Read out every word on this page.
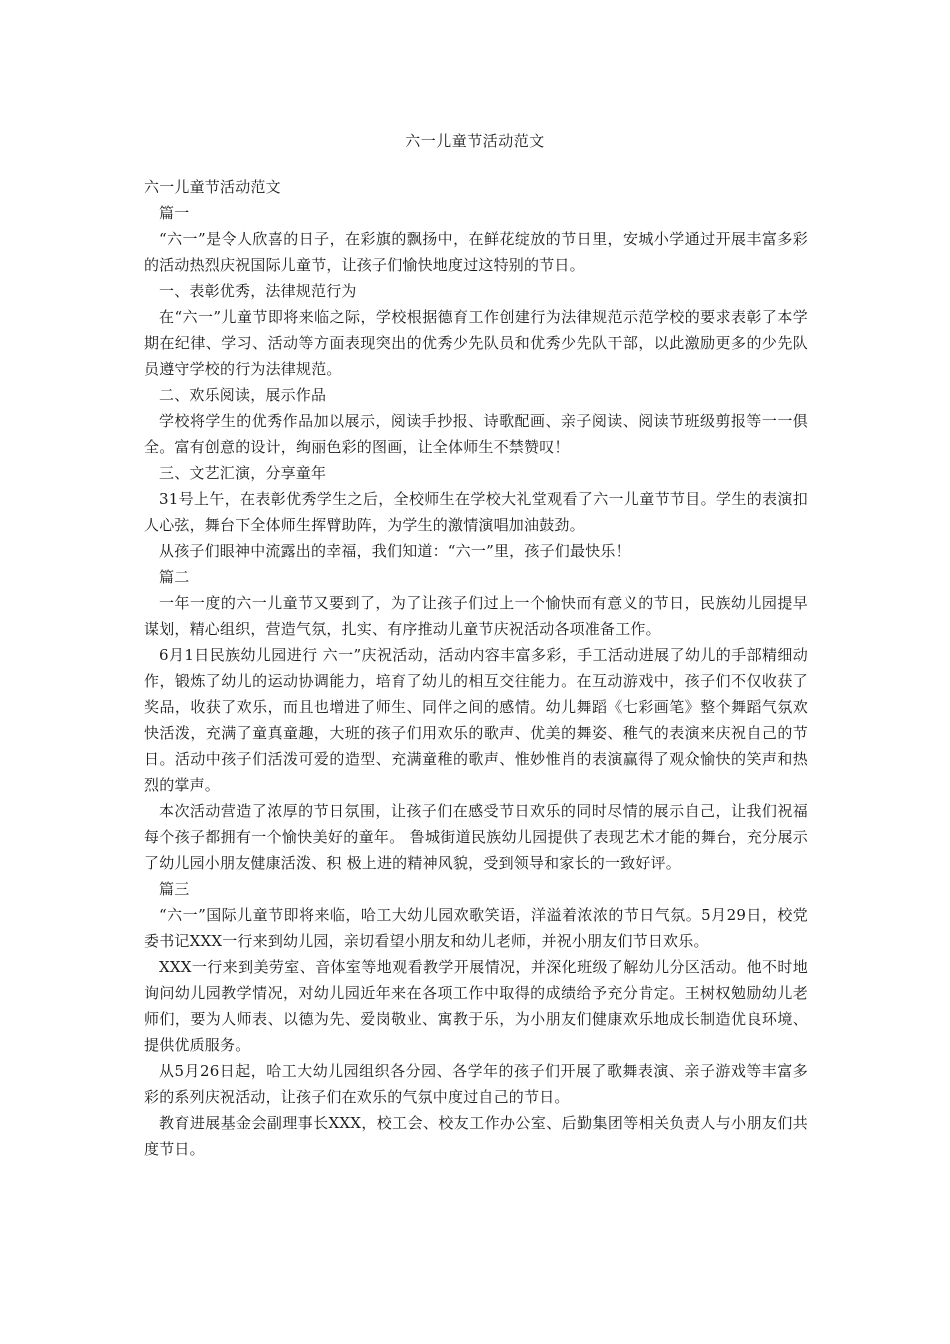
六一儿童节活动范文

六一儿童节活动范文

篇一

“六一”是令人欣喜的日子，在彩旗的飘扬中，在鲜花绽放的节日里，安城小学通过开展丰富多彩的活动热烈庆祝国际儿童节，让孩子们愉快地度过这特别的节日。

一、表彰优秀，法律规范行为

在“六一”儿童节即将来临之际，学校根据德育工作创建行为法律规范示范学校的要求表彰了本学期在纪律、学习、活动等方面表现突出的优秀少先队员和优秀少先队干部，以此激励更多的少先队员遵守学校的行为法律规范。

二、欢乐阅读，展示作品

学校将学生的优秀作品加以展示，阅读手抄报、诗歌配画、亲子阅读、阅读节班级剪报等一一俱全。富有创意的设计，绚丽色彩的图画，让全体师生不禁赞叹！

三、文艺汇演，分享童年

31号上午，在表彰优秀学生之后，全校师生在学校大礼堂观看了六一儿童节节目。学生的表演扣人心弦，舞台下全体师生挥臂助阵，为学生的激情演唱加油鼓劲。

从孩子们眼神中流露出的幸福，我们知道：“六一”里，孩子们最快乐！

篇二

一年一度的六一儿童节又要到了，为了让孩子们过上一个愉快而有意义的节日，民族幼儿园提早谋划，精心组织，营造气氛，扎实、有序推动儿童节庆祝活动各项准备工作。

6月1日民族幼儿园进行 六一”庆祝活动，活动内容丰富多彩，手工活动进展了幼儿的手部精细动作，锻炼了幼儿的运动协调能力，培育了幼儿的相互交往能力。在互动游戏中，孩子们不仅收获了奖品，收获了欢乐，而且也增进了师生、同伴之间的感情。幼儿舞蹈《七彩画笔》整个舞蹈气氛欢快活泼，充满了童真童趣，大班的孩子们用欢乐的歌声、优美的舞姿、稚气的表演来庆祝自己的节日。活动中孩子们活泼可爱的造型、充满童稚的歌声、惟妙惟肖的表演赢得了观众愉快的笑声和热烈的掌声。

本次活动营造了浓厚的节日氛围，让孩子们在感受节日欢乐的同时尽情的展示自己，让我们祝福每个孩子都拥有一个愉快美好的童年。 鲁城街道民族幼儿园提供了表现艺术才能的舞台，充分展示了幼儿园小朋友健康活泼、积 极上进的精神风貌，受到领导和家长的一致好评。

篇三

“六一”国际儿童节即将来临，哈工大幼儿园欢歌笑语，洋溢着浓浓的节日气氛。5月29日，校党委书记XXX一行来到幼儿园，亲切看望小朋友和幼儿老师，并祝小朋友们节日欢乐。

XXX一行来到美劳室、音体室等地观看教学开展情况，并深化班级了解幼儿分区活动。他不时地询问幼儿园教学情况，对幼儿园近年来在各项工作中取得的成绩给予充分肯定。王树权勉励幼儿老师们，要为人师表、以德为先、爱岗敬业、寓教于乐，为小朋友们健康欢乐地成长制造优良环境、提供优质服务。

从5月26日起，哈工大幼儿园组织各分园、各学年的孩子们开展了歌舞表演、亲子游戏等丰富多彩的系列庆祝活动，让孩子们在欢乐的气氛中度过自己的节日。

教育进展基金会副理事长XXX，校工会、校友工作办公室、后勤集团等相关负责人与小朋友们共度节日。
